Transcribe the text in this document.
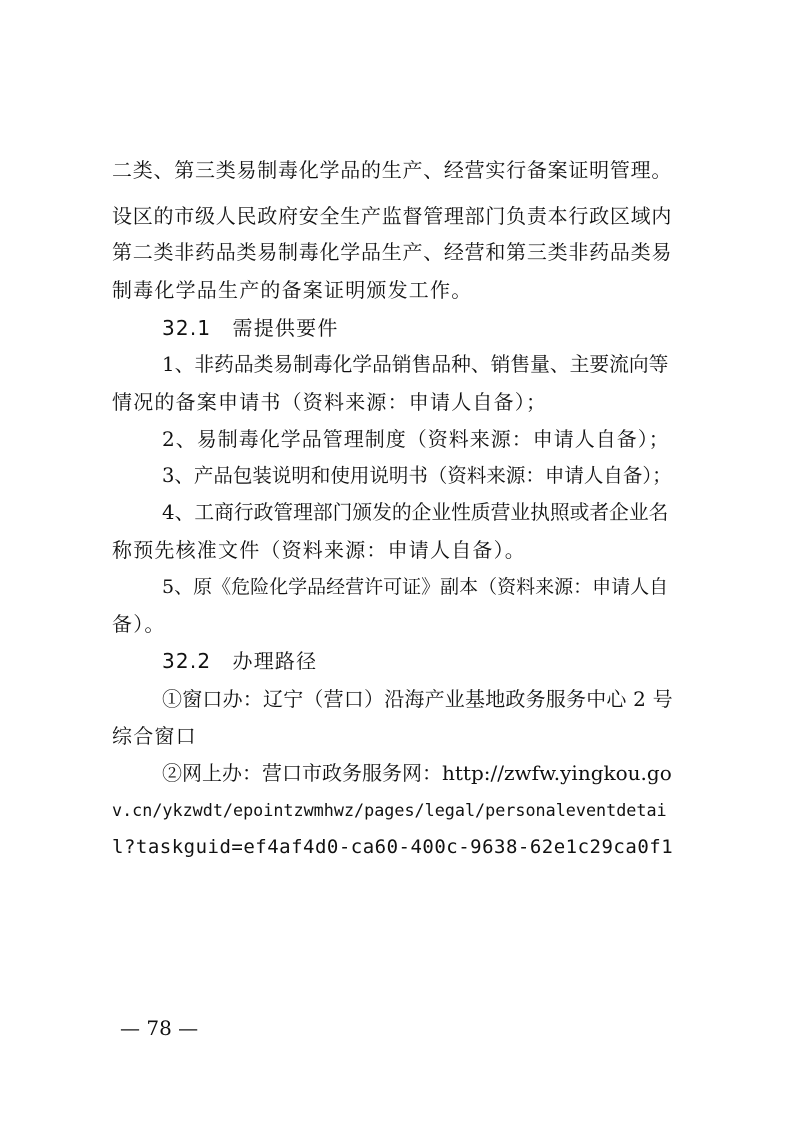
二类、第三类易制毒化学品的生产、经营实行备案证明管理。
设区的市级人民政府安全生产监督管理部门负责本行政区域内
第二类非药品类易制毒化学品生产、经营和第三类非药品类易
制毒化学品生产的备案证明颁发工作。
32.1　需提供要件
1、非药品类易制毒化学品销售品种、销售量、主要流向等
情况的备案申请书（资料来源：申请人自备）；
2、易制毒化学品管理制度（资料来源：申请人自备）；
3、产品包装说明和使用说明书（资料来源：申请人自备）；
4、工商行政管理部门颁发的企业性质营业执照或者企业名
称预先核准文件（资料来源：申请人自备）。
5、原《危险化学品经营许可证》副本（资料来源：申请人自
备）。
32.2　办理路径
①窗口办：辽宁（营口）沿海产业基地政务服务中心 2 号
综合窗口
②网上办：营口市政务服务网：http://zwfw.yingkou.go
v.cn/ykzwdt/epointzwmhwz/pages/legal/personaleventdetai
l?taskguid=ef4af4d0-ca60-400c-9638-62e1c29ca0f1
— 78 —
